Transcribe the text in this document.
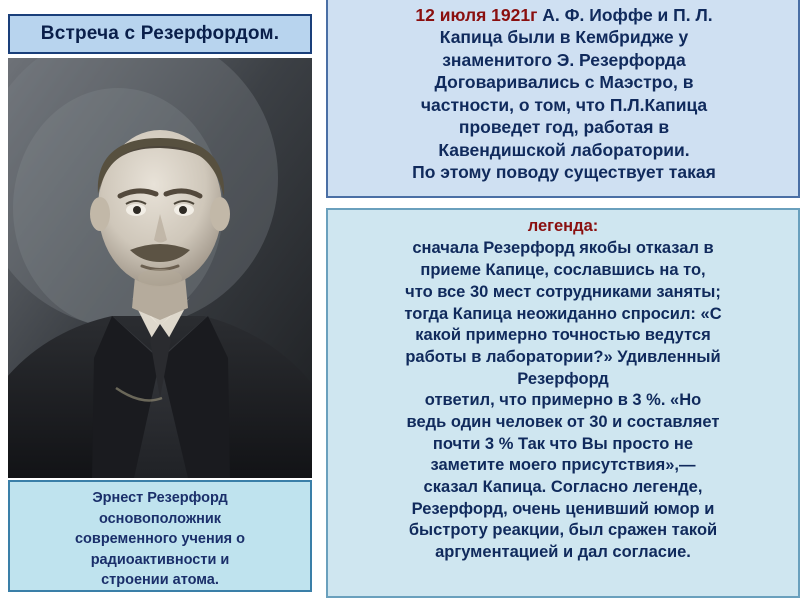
Встреча с Резерфордом.
Эрнест Резерфорд
основоположник
современного учения о
радиоактивности и
строении атома.
12 июля 1921г А. Ф. Иоффе и П. Л.
Капица были в Кембридже у
знаменитого Э. Резерфорда
Договаривались с Маэстро, в
частности, о том, что П.Л.Капица
проведет год, работая в
Кавендишской лаборатории.
По этому поводу существует такая
легенда:
сначала Резерфорд якобы отказал в
приеме Капице, сославшись на то,
что все 30 мест сотрудниками заняты;
тогда Капица неожиданно спросил: «С
какой примерно точностью ведутся
работы в лаборатории?» Удивленный
Резерфорд
ответил, что примерно в 3 %. «Но
ведь один человек от 30 и составляет
почти 3 % Так что Вы просто не
заметите моего присутствия»,—
сказал Капица. Согласно легенде,
Резерфорд, очень ценивший юмор и
быстроту реакции, был сражен такой
аргументацией и дал согласие.
